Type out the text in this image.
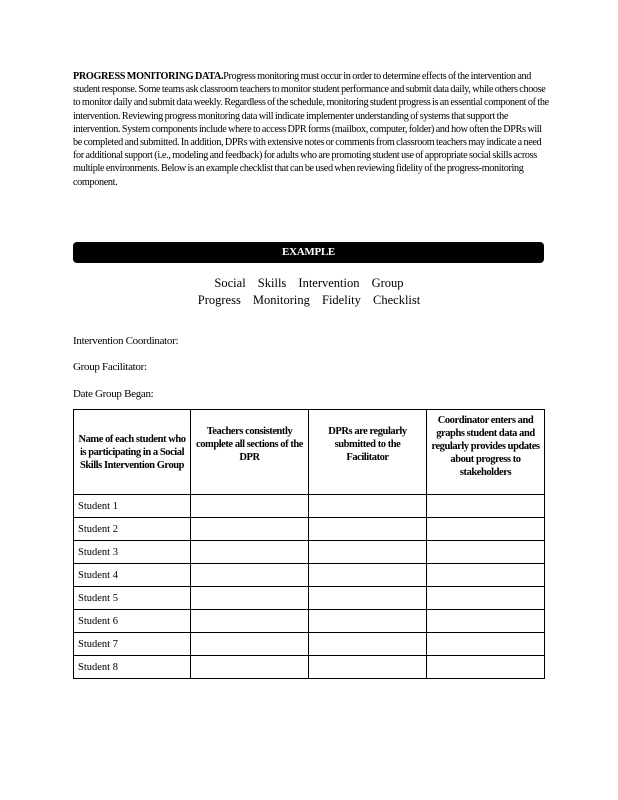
PROGRESS MONITORING DATA.Progress monitoring must occur in order to determine effects of the intervention and student response. Some teams ask classroom teachers to monitor student performance and submit data daily, while others choose to monitor daily and submit data weekly. Regardless of the schedule, monitoring student progress is an essential component of the intervention. Reviewing progress monitoring data will indicate implementer understanding of systems that support the intervention. System components include where to access DPR forms (mailbox, computer, folder) and how often the DPRs will be completed and submitted. In addition, DPRs with extensive notes or comments from classroom teachers may indicate a need for additional support (i.e., modeling and feedback) for adults who are promoting student use of appropriate social skills across multiple environments. Below is an example checklist that can be used when reviewing fidelity of the progress-monitoring component.
EXAMPLE
Social Skills Intervention Group
Progress Monitoring Fidelity Checklist
Intervention Coordinator:
Group Facilitator:
Date Group Began:
Name of each student who is participating in a Social Skills Intervention Group	Teachers consistently complete all sections of the DPR	DPRs are regularly submitted to the Facilitator	Coordinator enters and graphs student data and regularly provides updates about progress to stakeholders
Student 1			
Student 2			
Student 3			
Student 4			
Student 5			
Student 6			
Student 7			
Student 8			
